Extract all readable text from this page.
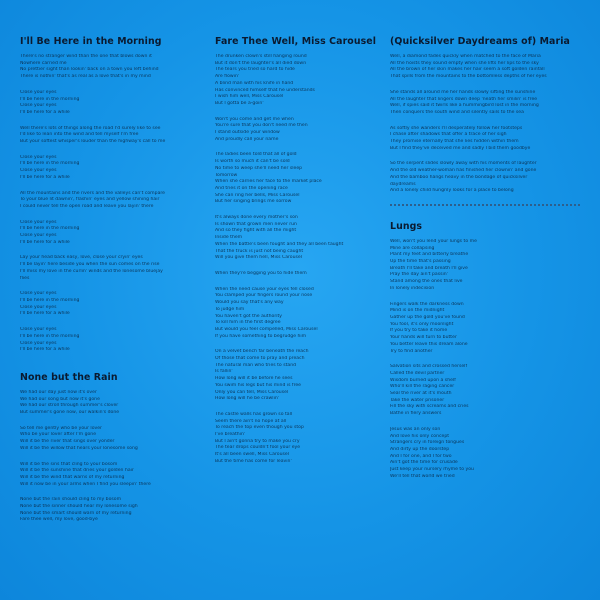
I'll Be Here in the Morning
There's no stranger wind than the one that blows down it
Nowhere carried me
No prettier sight than lookin' back on a town you left behind
There is nothin' that's as real as a love that's in my mind
Close your eyes
I'll be here in the morning
Close your eyes
I'll be here for a while
Well there's lots of things along the road I'd surely like to see
I'd like to lean into the wind and tell myself I'm free
But your softest whisper's louder than the highway's call to me
Close your eyes
I'll be here in the morning
Close your eyes
I'll be here for a while
All the mountains and the rivers and the valleys can't compare
To your blue lit dawnin', flashin' eyes and yellow shining hair
I could never tell the open road and leave you layin' there
Close your eyes
I'll be here in the morning
Close your eyes
I'll be here for a while
Lay your head back easy, love, close your cryin' eyes
I'll be layin' here beside you when the sun comes on the rise
I'll miss my love in the curlin' winds and the lonesome bluejay
flies
Close your eyes
I'll be here in the morning
Close your eyes
I'll be here for a while
Close your eyes
I'll be here in the morning
Close your eyes
I'll be here for a while
None but the Rain
We had our day just now it's over
We had our song but now it's gone
We had our stroll through summer's clover
But summer's gone now, our walkin's done
So tell me gently who be your lover
Who be your lover after I'm gone
Will it be the river that sings over yonder
Will it be the willow that hears your lonesome song
Will it be the sins that cling to your bosom
Will it be the sunshine that dries your golden hair
Will it be the wind that warns of my returning
Will it now be in your arms when I find you sleepin' there
None but the rain should cling to my bosom
None but the sinner should hear my lonesome sigh
None but the smart should warn of my returning
Fare thee well, my love, good-bye
Fare Thee Well, Miss Carousel
The drunken clown's still hanging round
But it don't the laughter's all died down
The tears you tried so hard to hide
Are flowin'
A blind man with his knife in hand
Has convinced himself that he understands
I wish him well, Miss Carousel
But I gotta be a-goin'
Won't you come and get me when
You're sure that you don't need me then
I stand outside your window
And proudly call your name
The ladies been told that all of gold
Is worth so much it can't be sold
No time to weep she'll need her sleep
Tomorrow
When she carries her face to the market place
And tries it on the opening race
She can ring her bells, Miss Carousel
But her singing brings me sorrow
It's always done every mother's son
Is shown that grown men never run
And so they fight with all the might
Inside them
When the battle's been fought and they all been taught
That the truck is just not being caught
Will you give them hell, Miss Carousel
When they're begging you to hide them
When the need cause your eyes fell closed
You clamped your fingers round your nose
Would you say that's any way
To judge him
You haven't got the authority
To kill him in the first degree
But would you feel compelled, Miss Carousel
If you have something to begrudge him
On a velvet bench far beneath the reach
Of those that come to pray and preach
The natural man who tries to stand
Is fallin'
How long will it be before he sees
You swim his legs but his mind is free
Only you can tell, Miss Carousel
How long will he be crawlin'
The castle walls has grown so tall
Seem there ain't no hope at all
To reach the top even though you stop
I've breathin'
But I ain't gonna try to make you cry
The tear drops couldn't fool your eye
It's all been swell, Miss Carousel
But the time has come for leavin'
(Quicksilver Daydreams of) Maria
Well, a diamond fades quickly when matched to the face of Maria
All the hoists they sound empty when she lifts her lips to the sky
All the brown of her skin makes her hair seem a soft golden rainfall
That spills from the mountains to the bottomless depths of her eyes
She stands all around me her hands slowly sifting the sunshine
All the laughter that lingers down deep 'neath her smilin' is free
Well, if spies said it twirls like a hummingbird lost in the morning
Then conquers the south wind and silently sails to the sea
As softly she wanders I'll desperately follow her footsteps
I chase after shadows that offer a trace of her sigh
They promise eternally that she lies hidden within them
But I find they've deceived me and sadly I bid them goodbye
So the serpent slides slowly away with his moments of laughter
And the old weather-woman has finished her clownin' and gone
And the bamboo hangs heavy in the bondage of quicksilver
daydreams
And a lonely child hungrily looks for a place to belong
Lungs
Well, won't you lend your lungs to me
Mine are collapsing
Plant my feet and bitterly breathe
Up the time that's passing
Breath I'll take and breath I'll give
Pray the day ain't passin'
Stand among the ones that live
In lonely indecision
Fingers walk the darkness down
Mind is on the midnight
Gather up the gold you've found
You fool, it's only moonlight
If you try to take it home
Your hands will turn to butter
You better leave this dream alone
Try to find another
Salvation sits and crossed herself
Called the devil partner
Wisdom burned upon a shelf
Who'll kill the raging cancer
Seal the river at it's mouth
Take the water prisoner
Fill the sky with screams and cries
Bathe in fiery answers
Jesus was an only son
And love his only concept
Strangers cry in foreign tongues
And dirty up the doorstep
And I for one, and I for two
Ain't got the time for crusade
Just keep your nursery rhyme to you
We'll tell that world we tried
